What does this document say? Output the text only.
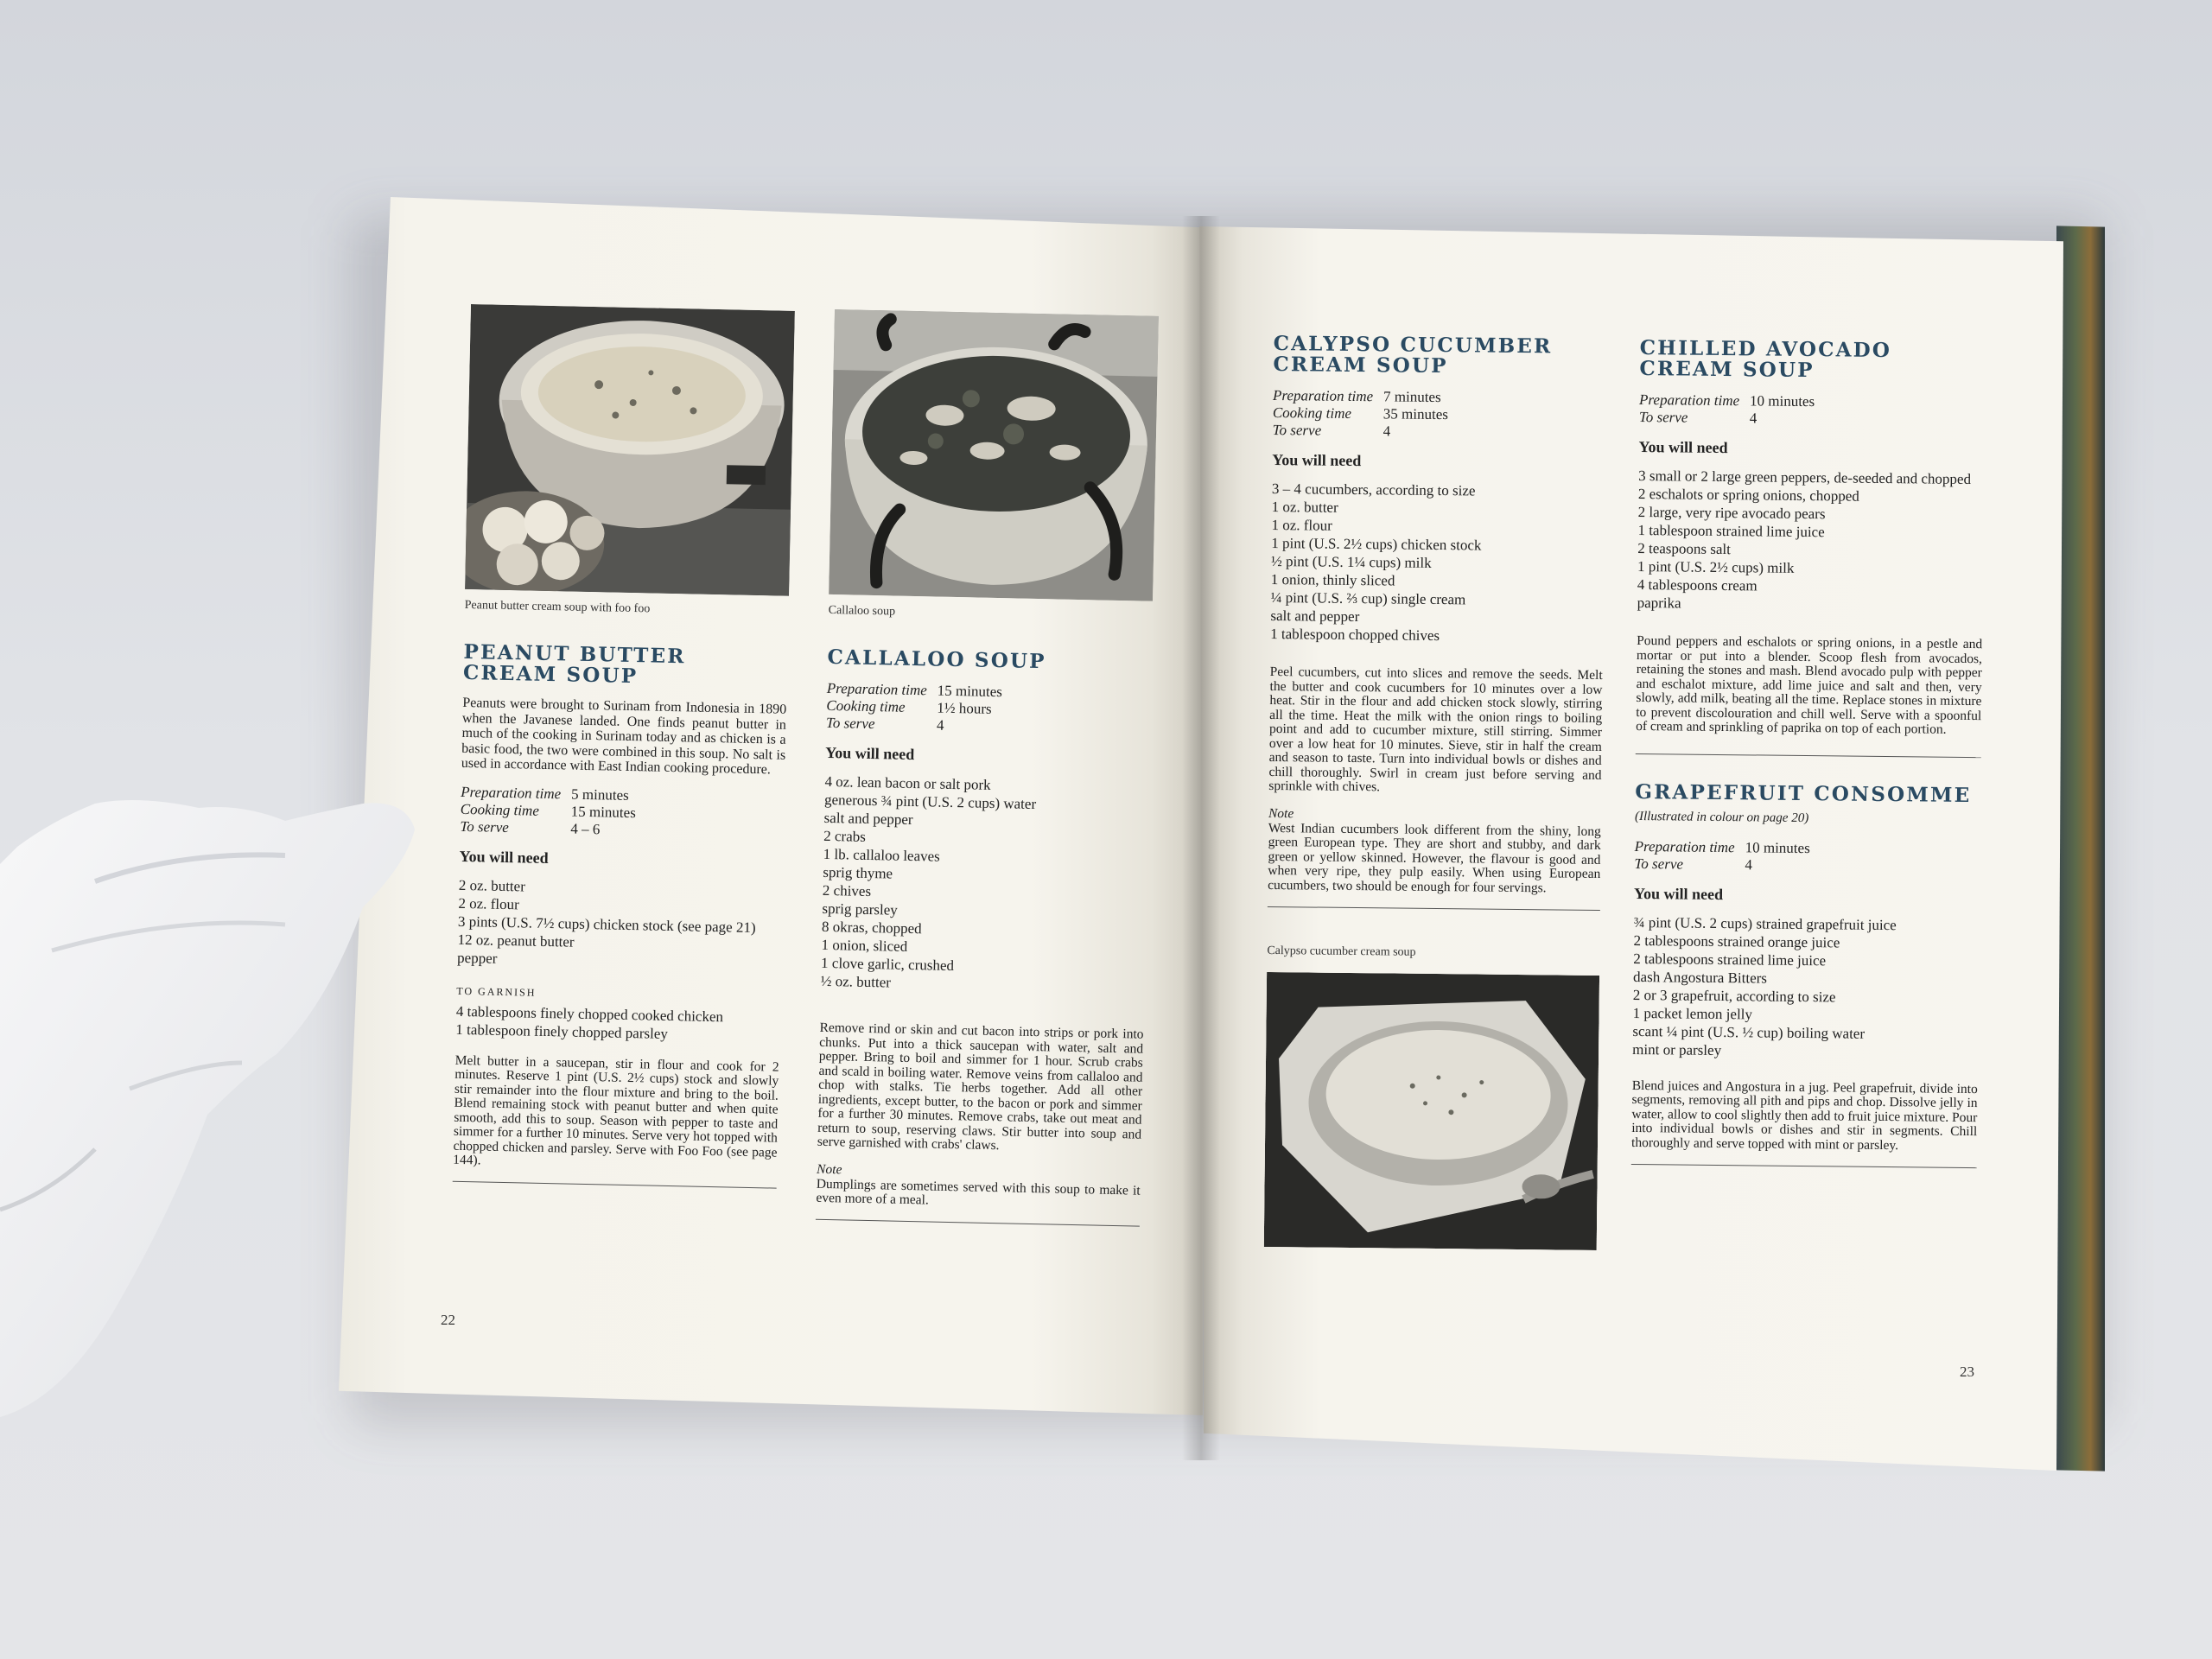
Peanut butter cream soup with foo foo
PEANUT BUTTER CREAM SOUP

Peanuts were brought to Surinam from Indonesia in 1890 when the Javanese landed. One finds peanut butter in much of the cooking in Surinam today and as chicken is a basic food, the two were combined in this soup. No salt is used in accordance with East Indian cooking procedure.

Preparation time 5 minutes
Cooking time	15 minutes
To serve	4 – 6
You will need
2 oz. butter
2 oz. flour
3 pints (U.S. 7½ cups) chicken stock (see page 21)
12 oz. peanut butter
pepper
TO GARNISH
4 tablespoons finely chopped cooked chicken
1 tablespoon finely chopped parsley

Melt butter in a saucepan, stir in flour and cook for 2 minutes. Reserve 1 pint (U.S. 2½ cups) stock and slowly stir remainder into the flour mixture and bring to the boil. Blend remaining stock with peanut butter and when quite smooth, add this to soup. Season with pepper to taste and simmer for a further 10 minutes. Serve very hot topped with chopped chicken and parsley. Serve with Foo Foo (see page 144).

Callaloo soup
CALLALOO SOUP
Preparation time 15 minutes
Cooking time	1½ hours
To serve	4
You will need
4 oz. lean bacon or salt pork
generous ¾ pint (U.S. 2 cups) water
salt and pepper
2 crabs
1 lb. callaloo leaves
sprig thyme
2 chives
sprig parsley
8 okras, chopped
1 onion, sliced
1 clove garlic, crushed
½ oz. butter

Remove rind or skin and cut bacon into strips or pork into chunks. Put into a thick saucepan with water, salt and pepper. Bring to boil and simmer for 1 hour. Scrub crabs and scald in boiling water. Remove veins from callaloo and chop with stalks. Tie herbs together. Add all other ingredients, except butter, to the bacon or pork and simmer for a further 30 minutes. Remove crabs, take out meat and return to soup, reserving claws. Stir butter into soup and serve garnished with crabs' claws.

Note

Dumplings are sometimes served with this soup to make it even more of a meal.

22
CALYPSO CUCUMBER CREAM SOUP
Preparation time 7 minutes
Cooking time	35 minutes
To serve	4
You will need
3 – 4 cucumbers, according to size
1 oz. butter
1 oz. flour
1 pint (U.S. 2½ cups) chicken stock
½ pint (U.S. 1¼ cups) milk
1 onion, thinly sliced
¼ pint (U.S. ⅔ cup) single cream
salt and pepper
1 tablespoon chopped chives

Peel cucumbers, cut into slices and remove the seeds. Melt the butter and cook cucumbers for 10 minutes over a low heat. Stir in the flour and add chicken stock slowly, stirring all the time. Heat the milk with the onion rings to boiling point and add to cucumber mixture, still stirring. Simmer over a low heat for 10 minutes. Sieve, stir in half the cream and season to taste. Turn into individual bowls or dishes and chill thoroughly. Swirl in cream just before serving and sprinkle with chives.

Note

West Indian cucumbers look different from the shiny, long green European type. They are short and stubby, and dark green or yellow skinned. However, the flavour is good and when very ripe, they pulp easily. When using European cucumbers, two should be enough for four servings.

Calypso cucumber cream soup
CHILLED AVOCADO CREAM SOUP
Preparation time 10 minutes
To serve	4
You will need
3 small or 2 large green peppers, de-seeded and chopped
2 eschalots or spring onions, chopped
2 large, very ripe avocado pears
1 tablespoon strained lime juice
2 teaspoons salt
1 pint (U.S. 2½ cups) milk
4 tablespoons cream
paprika

Pound peppers and eschalots or spring onions, in a pestle and mortar or put into a blender. Scoop flesh from avocados, retaining the stones and mash. Blend avocado pulp with pepper and eschalot mixture, add lime juice and salt and then, very slowly, add milk, beating all the time. Replace stones in mixture to prevent discolouration and chill well. Serve with a spoonful of cream and sprinkling of paprika on top of each portion.

GRAPEFRUIT CONSOMME
(Illustrated in colour on page 20)
Preparation time 10 minutes
To serve	4
You will need
¾ pint (U.S. 2 cups) strained grapefruit juice
2 tablespoons strained orange juice
2 tablespoons strained lime juice
dash Angostura Bitters
2 or 3 grapefruit, according to size
1 packet lemon jelly
scant ¼ pint (U.S. ½ cup) boiling water
mint or parsley

Blend juices and Angostura in a jug. Peel grapefruit, divide into segments, removing all pith and pips and chop. Dissolve jelly in water, allow to cool slightly then add to fruit juice mixture. Pour into individual bowls or dishes and stir in segments. Chill thoroughly and serve topped with mint or parsley.

23
